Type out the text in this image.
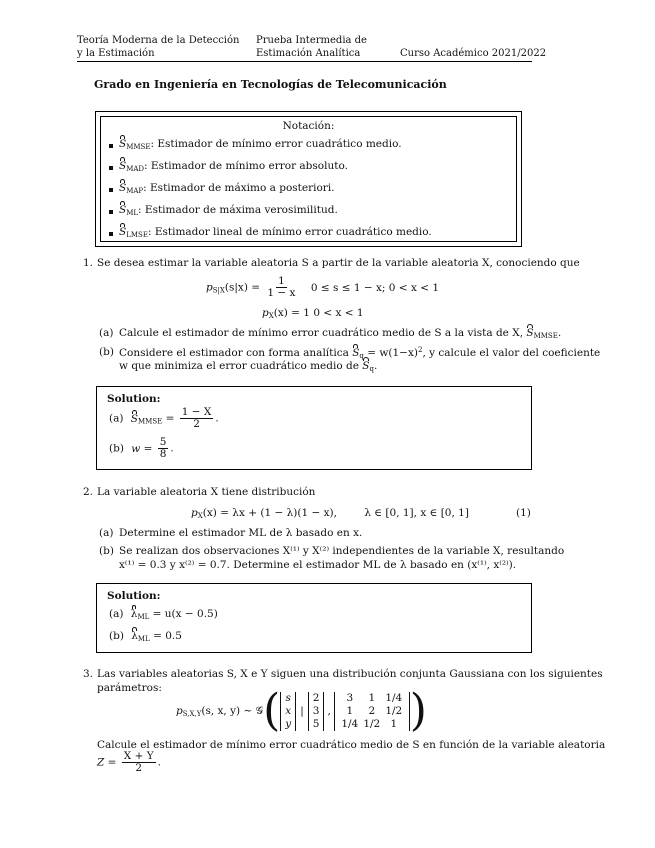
Teoría Moderna de la Detección
y la Estimación
Prueba Intermedia de
Estimación Analítica	Curso Académico 2021/2022
Grado en Ingeniería en Tecnologías de Telecomunicación
Notación:
$S_{MMSE}$: Estimador de mínimo error cuadrático medio.
$S_{MAD}$: Estimador de mínimo error absoluto.
$S_{MAP}$: Estimador de máximo a posteriori.
$S_{ML}$: Estimador de máxima verosimilitud.
$S_{LMSE}$: Estimador lineal de mínimo error cuadrático medio.
1. Se desea estimar la variable aleatoria S a partir de la variable aleatoria X, conociendo que
$p_{S|X}(s|x) = \frac{1}{1 - x} 0 \le s \le 1 - x$; 0 < x < 1
$p_X(x) = 1$ 0 < x < 1
(a) Calcule el estimador de mínimo error cuadrático medio de S a la vista de X, $S_{MMSE}$.
(b) Considere el estimador con forma analítica $S_q = w(1-x)^2$, y calcule el valor del coeficiente
w que minimiza el error cuadrático medio de $S_q$.
Solution:
(a) $S_{MMSE} = \frac{1 - X}{2}$ .
(b) $w = \frac{5}{8}$ .
2. La variable aleatoria X tiene distribución
$p_X(x) = \lambda x + (1 - \lambda)(1 - x)$,	λ ∈ [0, 1], x ∈ [0, 1]	(1)
(a) Determine el estimador ML de λ basado en x.
(b) Se realizan dos observaciones X⁽¹⁾ y X⁽²⁾ independientes de la variable X, resultando
x⁽¹⁾ = 0.3 y x⁽²⁾ = 0.7. Determine el estimador ML de λ basado en (x⁽¹⁾, x⁽²⁾).
Solution:
(a) $\lambda_{ML} = u(x - 0.5)$
(b) $\lambda_{ML} = 0.5$
3. Las variables aleatorias S, X e Y siguen una distribución conjunta Gaussiana con los siguientes
parámetros:
$p_{S,X,Y}(s$, x, y) ∼ 𝒢 ( s
x
y
|
2
3
5
,
3	1 1/4
1	2 1/2
1/4 1/2 1 )
Calcule el estimador de mínimo error cuadrático medio de S en función de la variable aleatoria
$Z = \frac{X + Y}{2}$ .
